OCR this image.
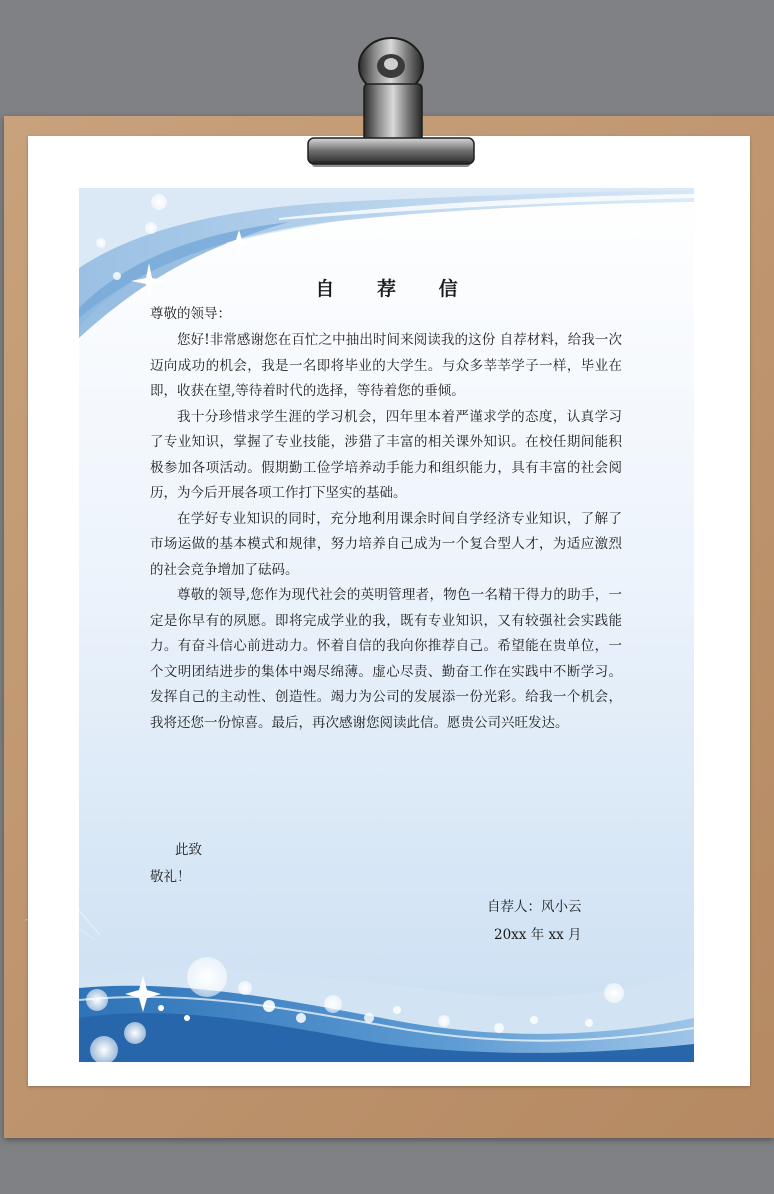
自 荐 信
尊敬的领导：

您好!非常感谢您在百忙之中抽出时间来阅读我的这份 自荐材料，给我一次迈向成功的机会，我是一名即将毕业的大学生。与众多莘莘学子一样，毕业在即，收获在望,等待着时代的选择，等待着您的垂倾。

我十分珍惜求学生涯的学习机会，四年里本着严谨求学的态度，认真学习了专业知识，掌握了专业技能，涉猎了丰富的相关课外知识。在校任期间能积极参加各项活动。假期勤工俭学培养动手能力和组织能力，具有丰富的社会阅历，为今后开展各项工作打下坚实的基础。

在学好专业知识的同时，充分地利用课余时间自学经济专业知识，了解了市场运做的基本模式和规律，努力培养自己成为一个复合型人才，为适应激烈的社会竞争增加了砝码。

尊敬的领导,您作为现代社会的英明管理者，物色一名精干得力的助手，一定是你早有的夙愿。即将完成学业的我，既有专业知识，又有较强社会实践能力。有奋斗信心前进动力。怀着自信的我向你推荐自己。希望能在贵单位，一个文明团结进步的集体中竭尽绵薄。虚心尽责、勤奋工作在实践中不断学习。发挥自己的主动性、创造性。竭力为公司的发展添一份光彩。给我一个机会，我将还您一份惊喜。最后，再次感谢您阅读此信。愿贵公司兴旺发达。

此致
敬礼！
自荐人：风小云
20xx 年 xx 月
